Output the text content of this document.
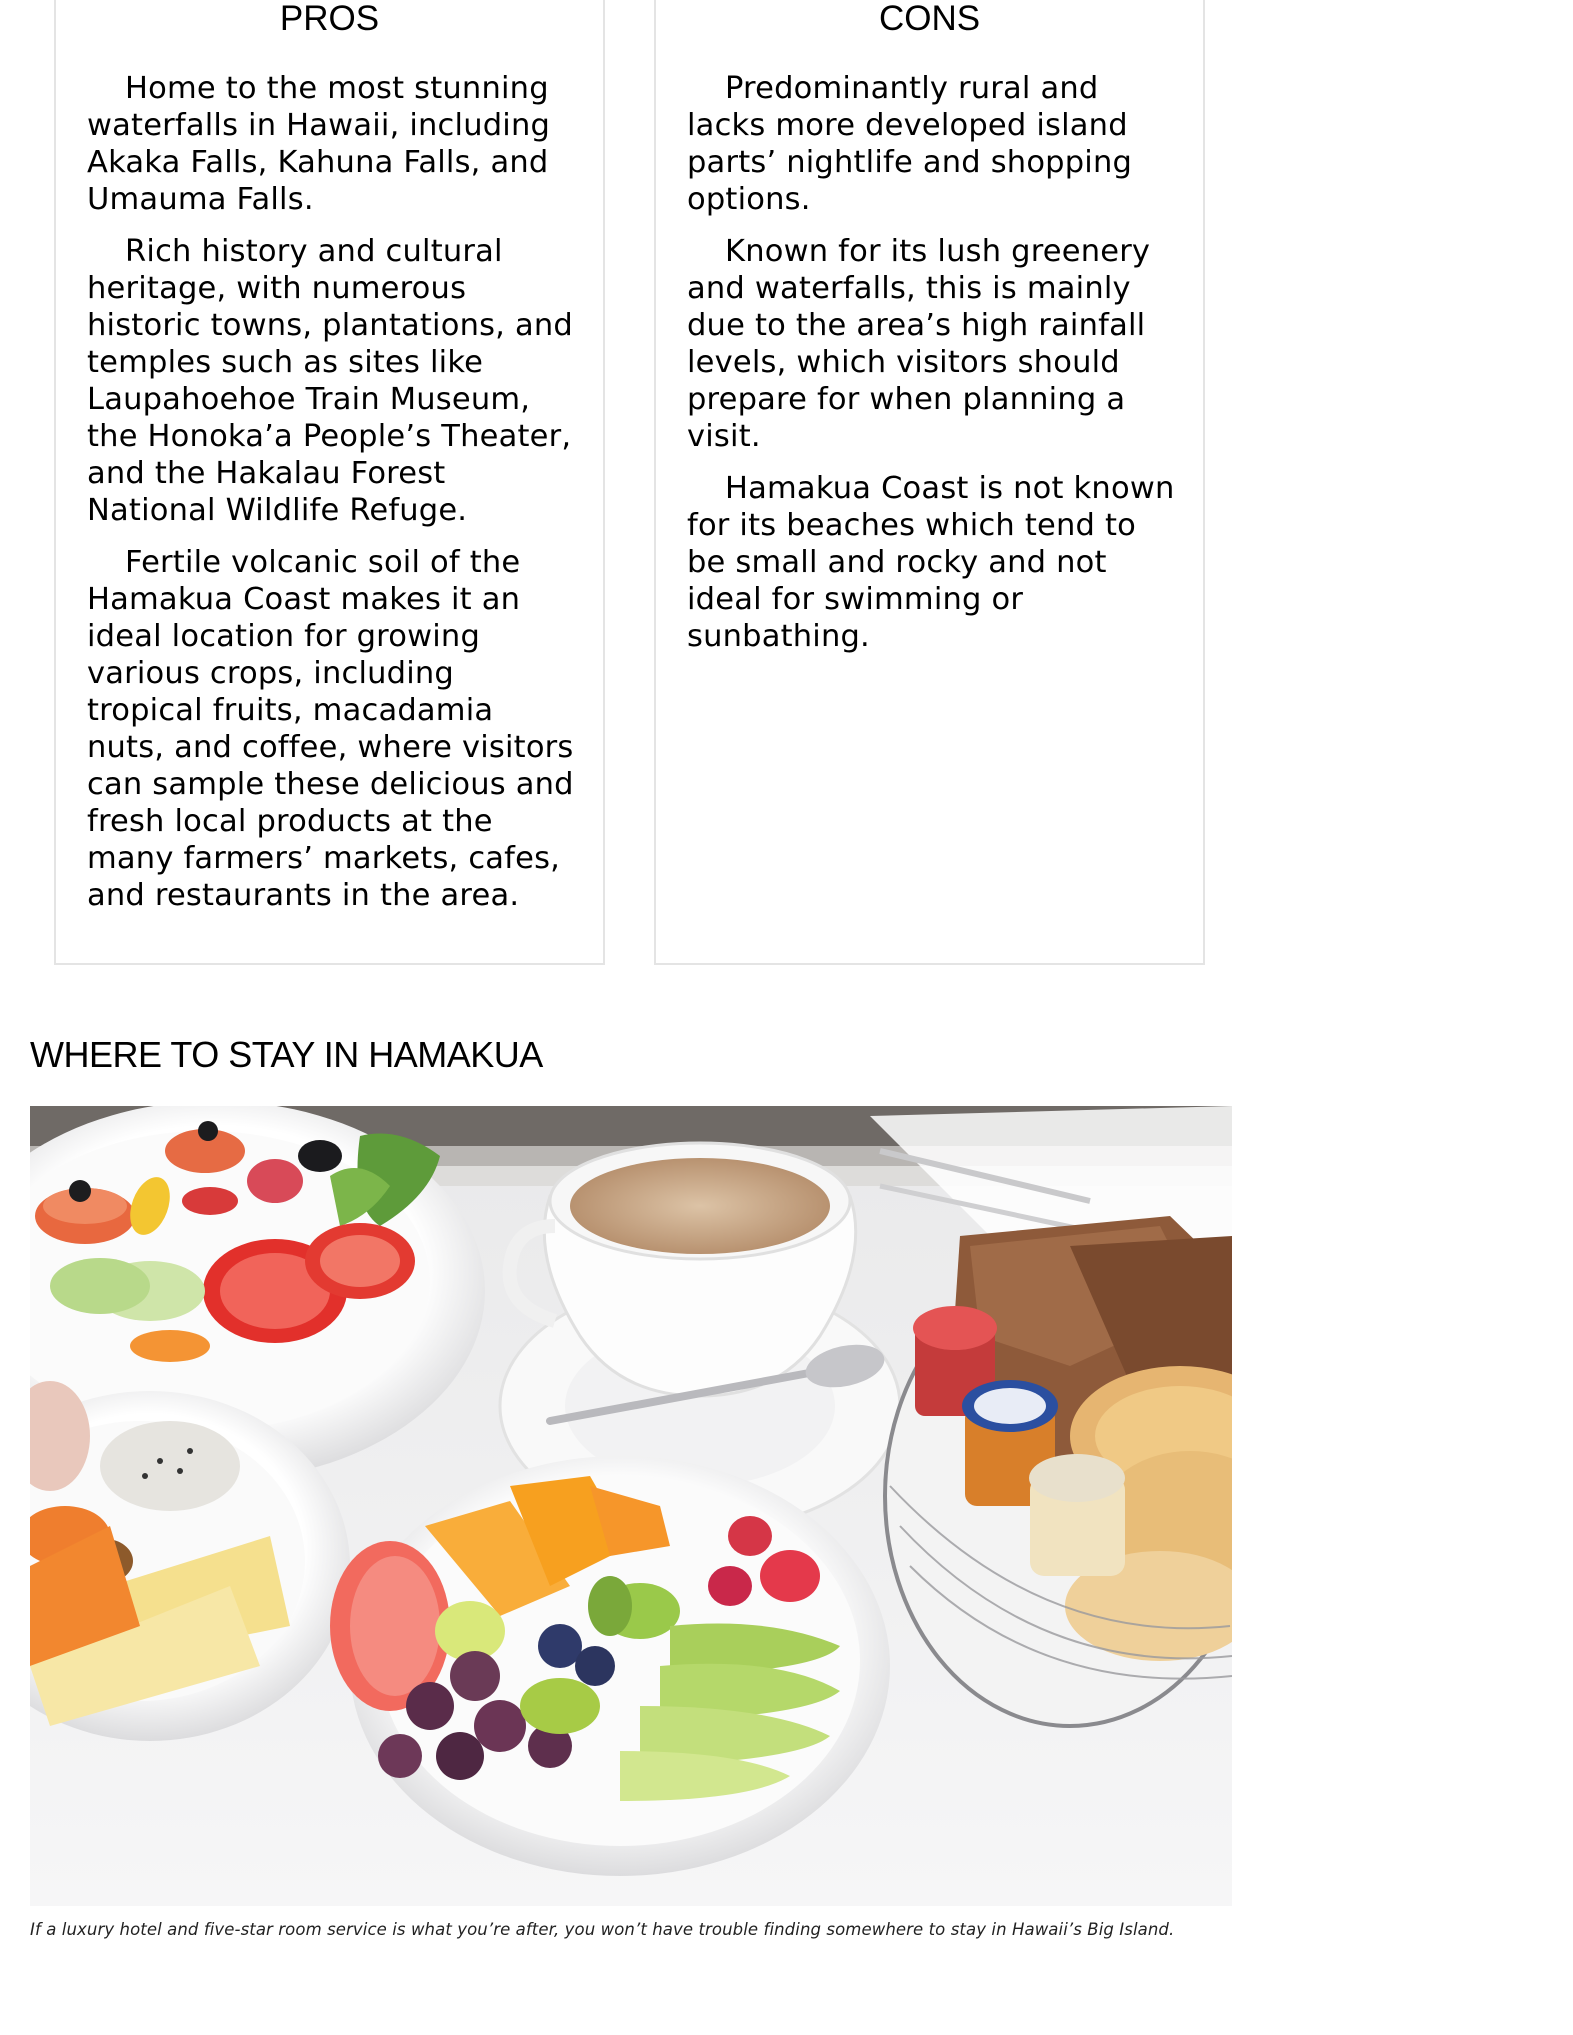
PROS

Home to the most stunning waterfalls in Hawaii, including Akaka Falls, Kahuna Falls, and Umauma Falls.

Rich history and cultural heritage, with numerous historic towns, plantations, and temples such as sites like Laupahoehoe Train Museum, the Honoka’a People’s Theater, and the Hakalau Forest National Wildlife Refuge.

Fertile volcanic soil of the Hamakua Coast makes it an ideal location for growing various crops, including tropical fruits, macadamia nuts, and coffee, where visitors can sample these delicious and fresh local products at the many farmers’ markets, cafes, and restaurants in the area.

CONS

Predominantly rural and lacks more developed island parts’ nightlife and shopping options.

Known for its lush greenery and waterfalls, this is mainly due to the area’s high rainfall levels, which visitors should prepare for when planning a visit.

Hamakua Coast is not known for its beaches which tend to be small and rocky and not ideal for swimming or sunbathing.

WHERE TO STAY IN HAMAKUA
If a luxury hotel and five-star room service is what you’re after, you won’t have trouble finding somewhere to stay in Hawaii’s Big Island.
